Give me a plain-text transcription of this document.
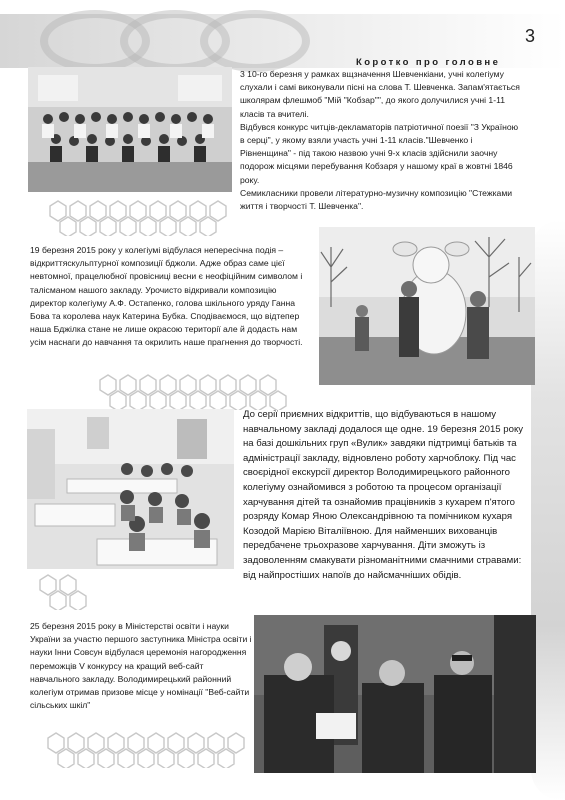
3
Коротко про головне

3 10-го березня у рамках вщзначення Шевченкіани, учні колегіуму слухали і самі виконували пісні на слова Т. Шевченка. Запам'ятається школярам флешмоб "Мій "Кобзар"", до якого долучилися учні 1-11 класів та вчителі.

Відбувся конкурс читців-декламаторів патріотичної поезії "З Україною в серці", у якому взяли участь учні 1-11 класів."Шевченко і Рівненщина" - під такою назвою учні 9-х класів здійснили заочну подорож місцями перебування Кобзаря у нашому краї в жовтні 1846 року.

Семикласники провели літературно-музичну композицію "Стежками життя і творчості Т. Шевченка".

19 березня 2015 року у колегіумі відбулася непересічна подія – відкриттяскульптурної композиції бджоли. Адже образ саме цієї невтомної, працелюбної провісниці весни є неофіційним символом і талісманом нашого закладу. Урочисто відкривали композицію директор колегіуму А.Ф. Остапенко, голова шкільного уряду Ганна Бова та королева наук Катерина Бубка. Сподіваємося, що відтепер наша Бджілка стане не лише окрасою території але й додасть нам усім наснаги до навчання та окрилить наше прагнення до творчості.

До серії приємних відкриттів, що відбуваються в нашому навчальному закладі додалося ще одне. 19 березня 2015 року на базі дошкільних груп «Вулик» завдяки підтримці батьків та адміністрації закладу, відновлено роботу харчоблоку. Під час своєрідної екскурсії директор Володимирецького районного колегіуму ознайомився з роботою та процесом організації харчування дітей та ознайомив працівників з кухарем п'ятого розряду Комар Яною Олександрівною та помічником кухаря Козодой Марією Віталіївною. Для найменших вихованців передбачене трьохразове харчування. Діти зможуть із задоволенням смакувати різноманітними смачними стравами: від найпростіших напоїв до найсмачніших обідів.

25 березня 2015 року в Міністерстві освіти і науки України за участю першого заступника Міністра освіти і науки Інни Совсун відбулася церемонія нагородження переможців V конкурсу на кращий веб-сайт навчального закладу. Володимирецький районний колегіум отримав призове місце у номінації "Веб-сайти сільських шкіл"
